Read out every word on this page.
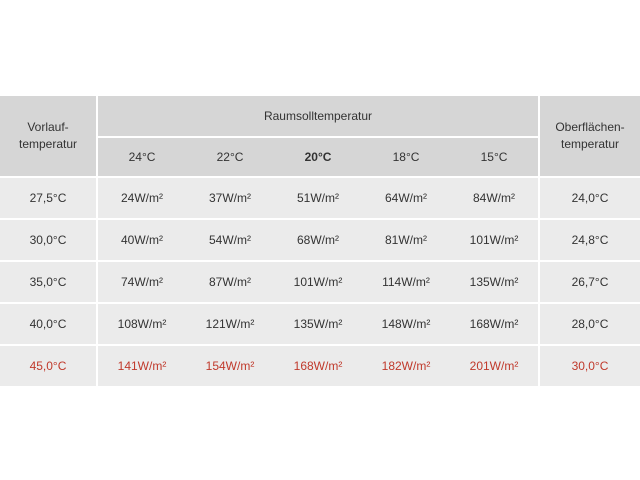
Vorlauf-
temperatur	Raumsolltemperatur					Oberflächen-
temperatur
	24°C	22°C	20°C	18°C	15°C	
27,5°C	24W/m²	37W/m²	51W/m²	64W/m²	84W/m²	24,0°C
30,0°C	40W/m²	54W/m²	68W/m²	81W/m²	101W/m²	24,8°C
35,0°C	74W/m²	87W/m²	101W/m²	114W/m²	135W/m²	26,7°C
40,0°C	108W/m²	121W/m²	135W/m²	148W/m²	168W/m²	28,0°C
45,0°C	141W/m²	154W/m²	168W/m²	182W/m²	201W/m²	30,0°C
